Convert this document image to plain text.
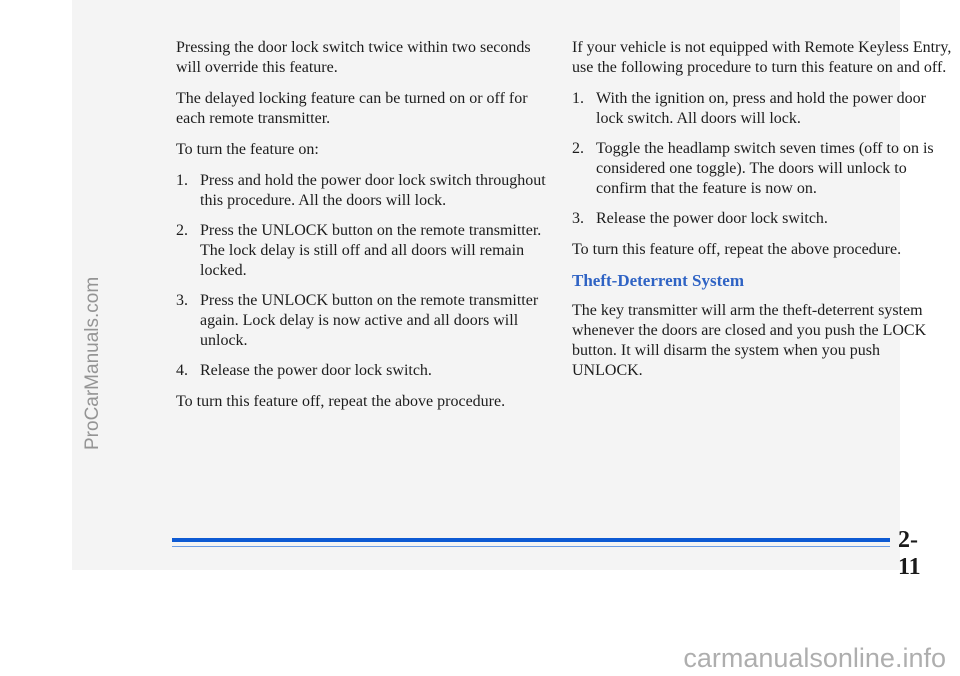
Pressing the door lock switch twice within two seconds will override this feature.

The delayed locking feature can be turned on or off for each remote transmitter.

To turn the feature on:

1. Press and hold the power door lock switch throughout this procedure. All the doors will lock.
2. Press the UNLOCK button on the remote transmitter. The lock delay is still off and all doors will remain locked.
3. Press the UNLOCK button on the remote transmitter again. Lock delay is now active and all doors will unlock.
4. Release the power door lock switch.

To turn this feature off, repeat the above procedure.

If your vehicle is not equipped with Remote Keyless Entry, use the following procedure to turn this feature on and off.

1. With the ignition on, press and hold the power door lock switch. All doors will lock.
2. Toggle the headlamp switch seven times (off to on is considered one toggle). The doors will unlock to confirm that the feature is now on.
3. Release the power door lock switch.

To turn this feature off, repeat the above procedure.

Theft-Deterrent System

The key transmitter will arm the theft-deterrent system whenever the doors are closed and you push the LOCK button. It will disarm the system when you push UNLOCK.

2-11
ProCarManuals.com
carmanualsonline.info
